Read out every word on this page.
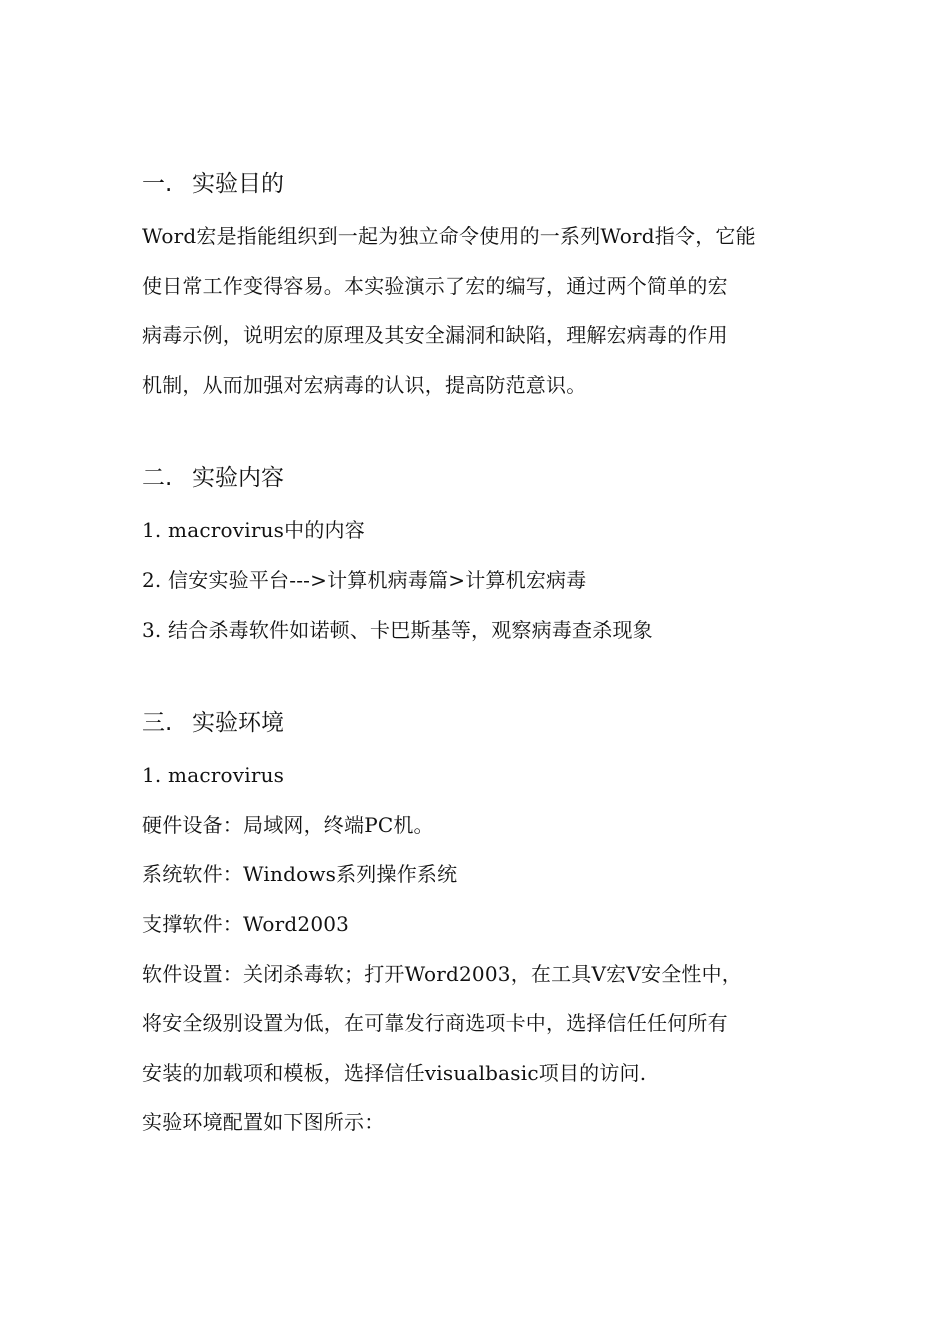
一. 实验目的
Word宏是指能组织到一起为独立命令使用的一系列Word指令，它能
使日常工作变得容易。本实验演示了宏的编写，通过两个简单的宏
病毒示例，说明宏的原理及其安全漏洞和缺陷，理解宏病毒的作用
机制，从而加强对宏病毒的认识，提高防范意识。
二. 实验内容
1. macrovirus中的内容
2. 信安实验平台--->计算机病毒篇>计算机宏病毒
3. 结合杀毒软件如诺顿、卡巴斯基等，观察病毒查杀现象
三. 实验环境
1. macrovirus
硬件设备：局域网，终端PC机。
系统软件：Windows系列操作系统
支撑软件：Word2003
软件设置：关闭杀毒软；打开Word2003，在工具V宏V安全性中，
将安全级别设置为低，在可靠发行商选项卡中，选择信任任何所有
安装的加载项和模板，选择信任visualbasic项目的访问.
实验环境配置如下图所示：
